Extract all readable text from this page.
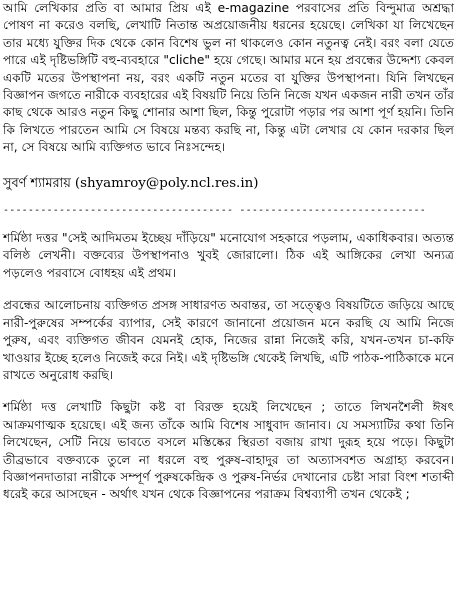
আমি লেখিকার প্রতি বা আমার প্রিয় এই e-magazine পরবাসের প্রতি বিন্দুমাত্র অশ্রদ্ধা পোষণ না করেও বলছি, লেখাটি নিতান্ত অপ্রয়োজনীয় ধরনের হয়েছে। লেখিকা যা লিখেছেন তার মধ্যে যুক্তির দিক থেকে কোন বিশেষ ভুল না থাকলেও কোন নতুনত্ব নেই। বরং বলা যেতে পারে এই দৃষ্টিভঙ্গিটি বহু-ব্যবহারে "cliche" হয়ে গেছে। আমার মনে হয় প্রবন্ধের উদ্দেশ্য কেবল একটি মতের উপস্থাপনা নয়, বরং একটি নতুন মতের বা যুক্তির উপস্থাপনা। যিনি লিখছেন বিজ্ঞাপন জগতে নারীকে ব্যবহারের এই বিষয়টি নিয়ে তিনি নিজে যখন একজন নারী তখন তাঁর কাছ থেকে আরও নতুন কিছু শোনার আশা ছিল, কিন্তু পুরোটা পড়ার পর আশা পূর্ণ হয়নি। তিনি কি লিখতে পারতেন আমি সে বিষয়ে মন্তব্য করছি না, কিন্তু এটা লেখার যে কোন দরকার ছিল না, সে বিষয়ে আমি ব্যক্তিগত ভাবে নিঃসন্দেহ।

সুবর্ণ শ্যামরায় (shyamroy@poly.ncl.res.in)
------------------------------------- ------------------------------

শর্মিষ্ঠা দত্তর "সেই আদিমতম ইচ্ছেয় দাঁড়িয়ে" মনোযোগ সহকারে পড়লাম, একাধিকবার। অত্যন্ত বলিষ্ঠ লেখনী। বক্তব্যের উপস্থাপনাও খুবই জোরালো। ঠিক এই আঙ্গিকের লেখা অন্যত্র পড়লেও পরবাসে বোধহয় এই প্রথম।

প্রবন্ধের আলোচনায় ব্যক্তিগত প্রসঙ্গ সাধারণত অবান্তর, তা সত্ত্বেও বিষয়টিতে জড়িয়ে আছে নারী-পুরুষের সম্পর্কের ব্যাপার, সেই কারণে জানানো প্রয়োজন মনে করছি যে আমি নিজে পুরুষ, এবং ব্যক্তিগত জীবন যেমনই হোক, নিজের রান্না নিজেই করি, যখন-তখন চা-কফি খাওয়ার ইচ্ছে হলেও নিজেই করে নিই। এই দৃষ্টিভঙ্গি থেকেই লিখছি, এটি পাঠক-পাঠিকাকে মনে রাখতে অনুরোধ করছি।

শর্মিষ্ঠা দত্ত লেখাটি কিছুটা কষ্ট বা বিরক্ত হয়েই লিখেছেন ; তাতে লিখনশৈলী ঈষৎ আক্রমণাত্মক হয়েছে। এই জন্য তাঁকে আমি বিশেষ সাধুবাদ জানাব। যে সমস্যাটির কথা তিনি লিখেছেন, সেটি নিয়ে ভাবতে বসলে মস্তিষ্কের স্থিরতা বজায় রাখা দুরূহ হয়ে পড়ে। কিছুটা তীব্রভাবে বক্তব্যকে তুলে না ধরলে বহু পুরুষ-বাহাদুর তা অত্যাসবশত অগ্রাহ্য করবেন। বিজ্ঞাপনদাতারা নারীকে সম্পূর্ণ পুরুষকেন্দ্রিক ও পুরুষ-নির্ভর দেখানোর চেষ্টা সারা বিংশ শতাব্দী ধরেই করে আসছেন - অর্থাৎ যখন থেকে বিজ্ঞাপনের পরাক্রম বিশ্বব্যাপী তখন থেকেই ;
